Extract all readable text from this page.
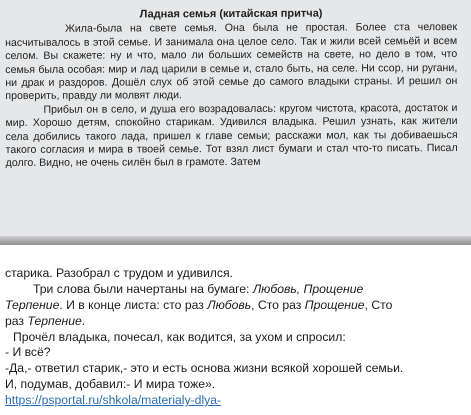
Ладная семья (китайская притча)

Жила-была на свете семья. Она была не простая. Более ста человек насчитывалось в этой семье. И занимала она целое село. Так и жили всей семьёй и всем селом. Вы скажете: ну и что, мало ли больших семейств на свете, но дело в том, что семья была особая: мир и лад царили в семье и, стало быть, на селе. Ни ссор, ни ругани, ни драк и раздоров. Дошёл слух об этой семье до самого владыки страны. И решил он проверить, правду ли молвят люди.

Прибыл он в село, и душа его возрадовалась: кругом чистота, красота, достаток и мир. Хорошо детям, спокойно старикам. Удивился владыка. Решил узнать, как жители села добились такого лада, пришел к главе семьи; расскажи мол, как ты добиваешься такого согласия и мира в твоей семье. Тот взял лист бумаги и стал что-то писать. Писал долго. Видно, не очень силён был в грамоте. Затем

старика. Разобрал с трудом и удивился.
Три слова были начертаны на бумаге: Любовь, Прощение
Терпение. И в конце листа: сто раз Любовь, Сто раз Прощение, Сто
раз Терпение.
Прочёл владыка, почесал, как водится, за ухом и спросил:
- И всё?
-Да,- ответил старик,- это и есть основа жизни всякой хорошей семьи.
И, подумав, добавил:- И мира тоже».
https://psportal.ru/shkola/materialy-dlya-
